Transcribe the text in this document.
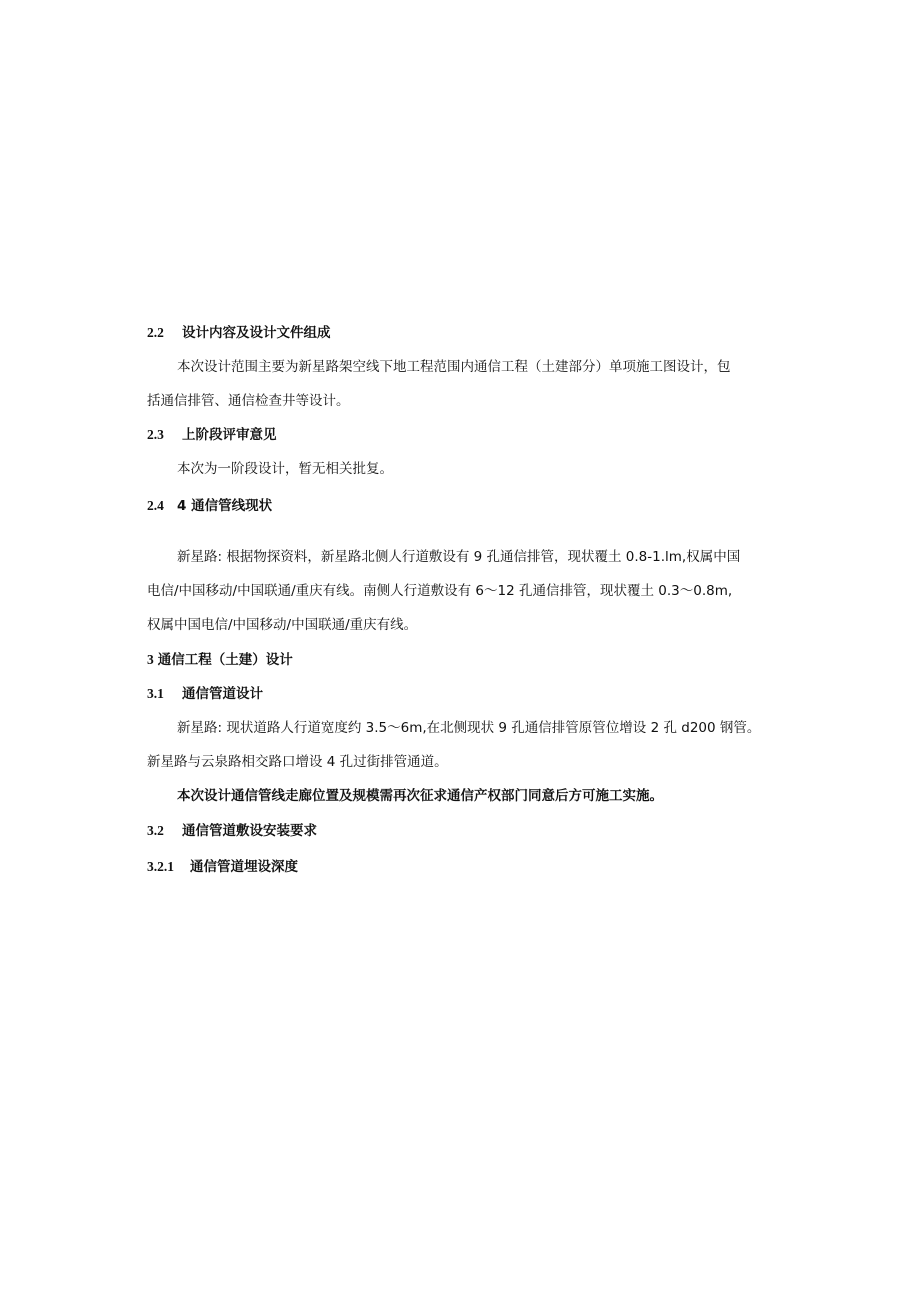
2.2 设计内容及设计文件组成
本次设计范围主要为新星路架空线下地工程范围内通信工程（土建部分）单项施工图设计，包
括通信排管、通信检查井等设计。
2.3 上阶段评审意见
本次为一阶段设计，暂无相关批复。
2.4 4 通信管线现状
新星路: 根据物探资料，新星路北侧人行道敷设有 9 孔通信排管，现状覆土 0.8-1.lm,权属中国
电信/中国移动/中国联通/重庆有线。南侧人行道敷设有 6～12 孔通信排管，现状覆土 0.3～0.8m,
权属中国电信/中国移动/中国联通/重庆有线。
3 通信工程（土建）设计
3.1 通信管道设计
新星路: 现状道路人行道宽度约 3.5～6m,在北侧现状 9 孔通信排管原管位增设 2 孔 d200 钢管。
新星路与云泉路相交路口增设 4 孔过街排管通道。
本次设计通信管线走廊位置及规模需再次征求通信产权部门同意后方可施工实施。
3.2 通信管道敷设安装要求
3.2.1 通信管道埋设深度
